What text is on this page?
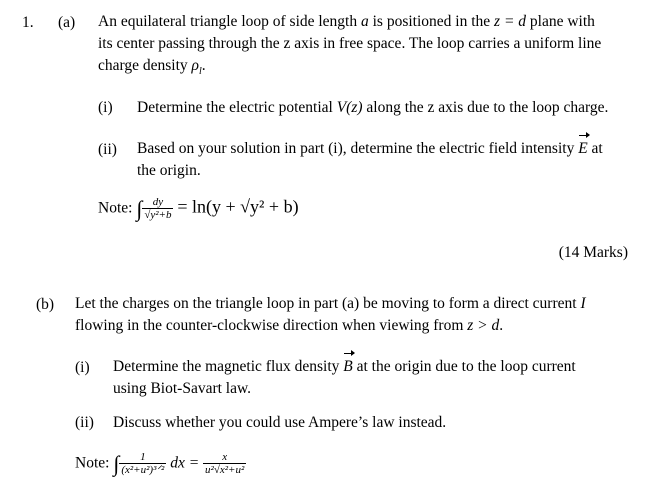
1. (a) An equilateral triangle loop of side length a is positioned in the z = d plane with
its center passing through the z axis in free space. The loop carries a uniform line
charge density $\rho_l$.
(i) Determine the electric potential V(z) along the z axis due to the loop charge.
(ii) Based on your solution in part (i), determine the electric field intensity E at
the origin.
Note: ∫ $\frac{dy}{\text{√y²+b}} = \ln(y + √y^2 + b)$
(14 Marks)
(b) Let the charges on the triangle loop in part (a) be moving to form a direct current I
flowing in the counter-clockwise direction when viewing from z > d.
(i) Determine the magnetic flux density B at the origin due to the loop current
using Biot-Savart law.
(ii) Discuss whether you could use Ampere’s law instead.
Note: ∫ $\frac{1}{\text{(x²+u²)³ᐟ²}}$ dx = $\frac{x}{\text{u²√x²+u²}}$
